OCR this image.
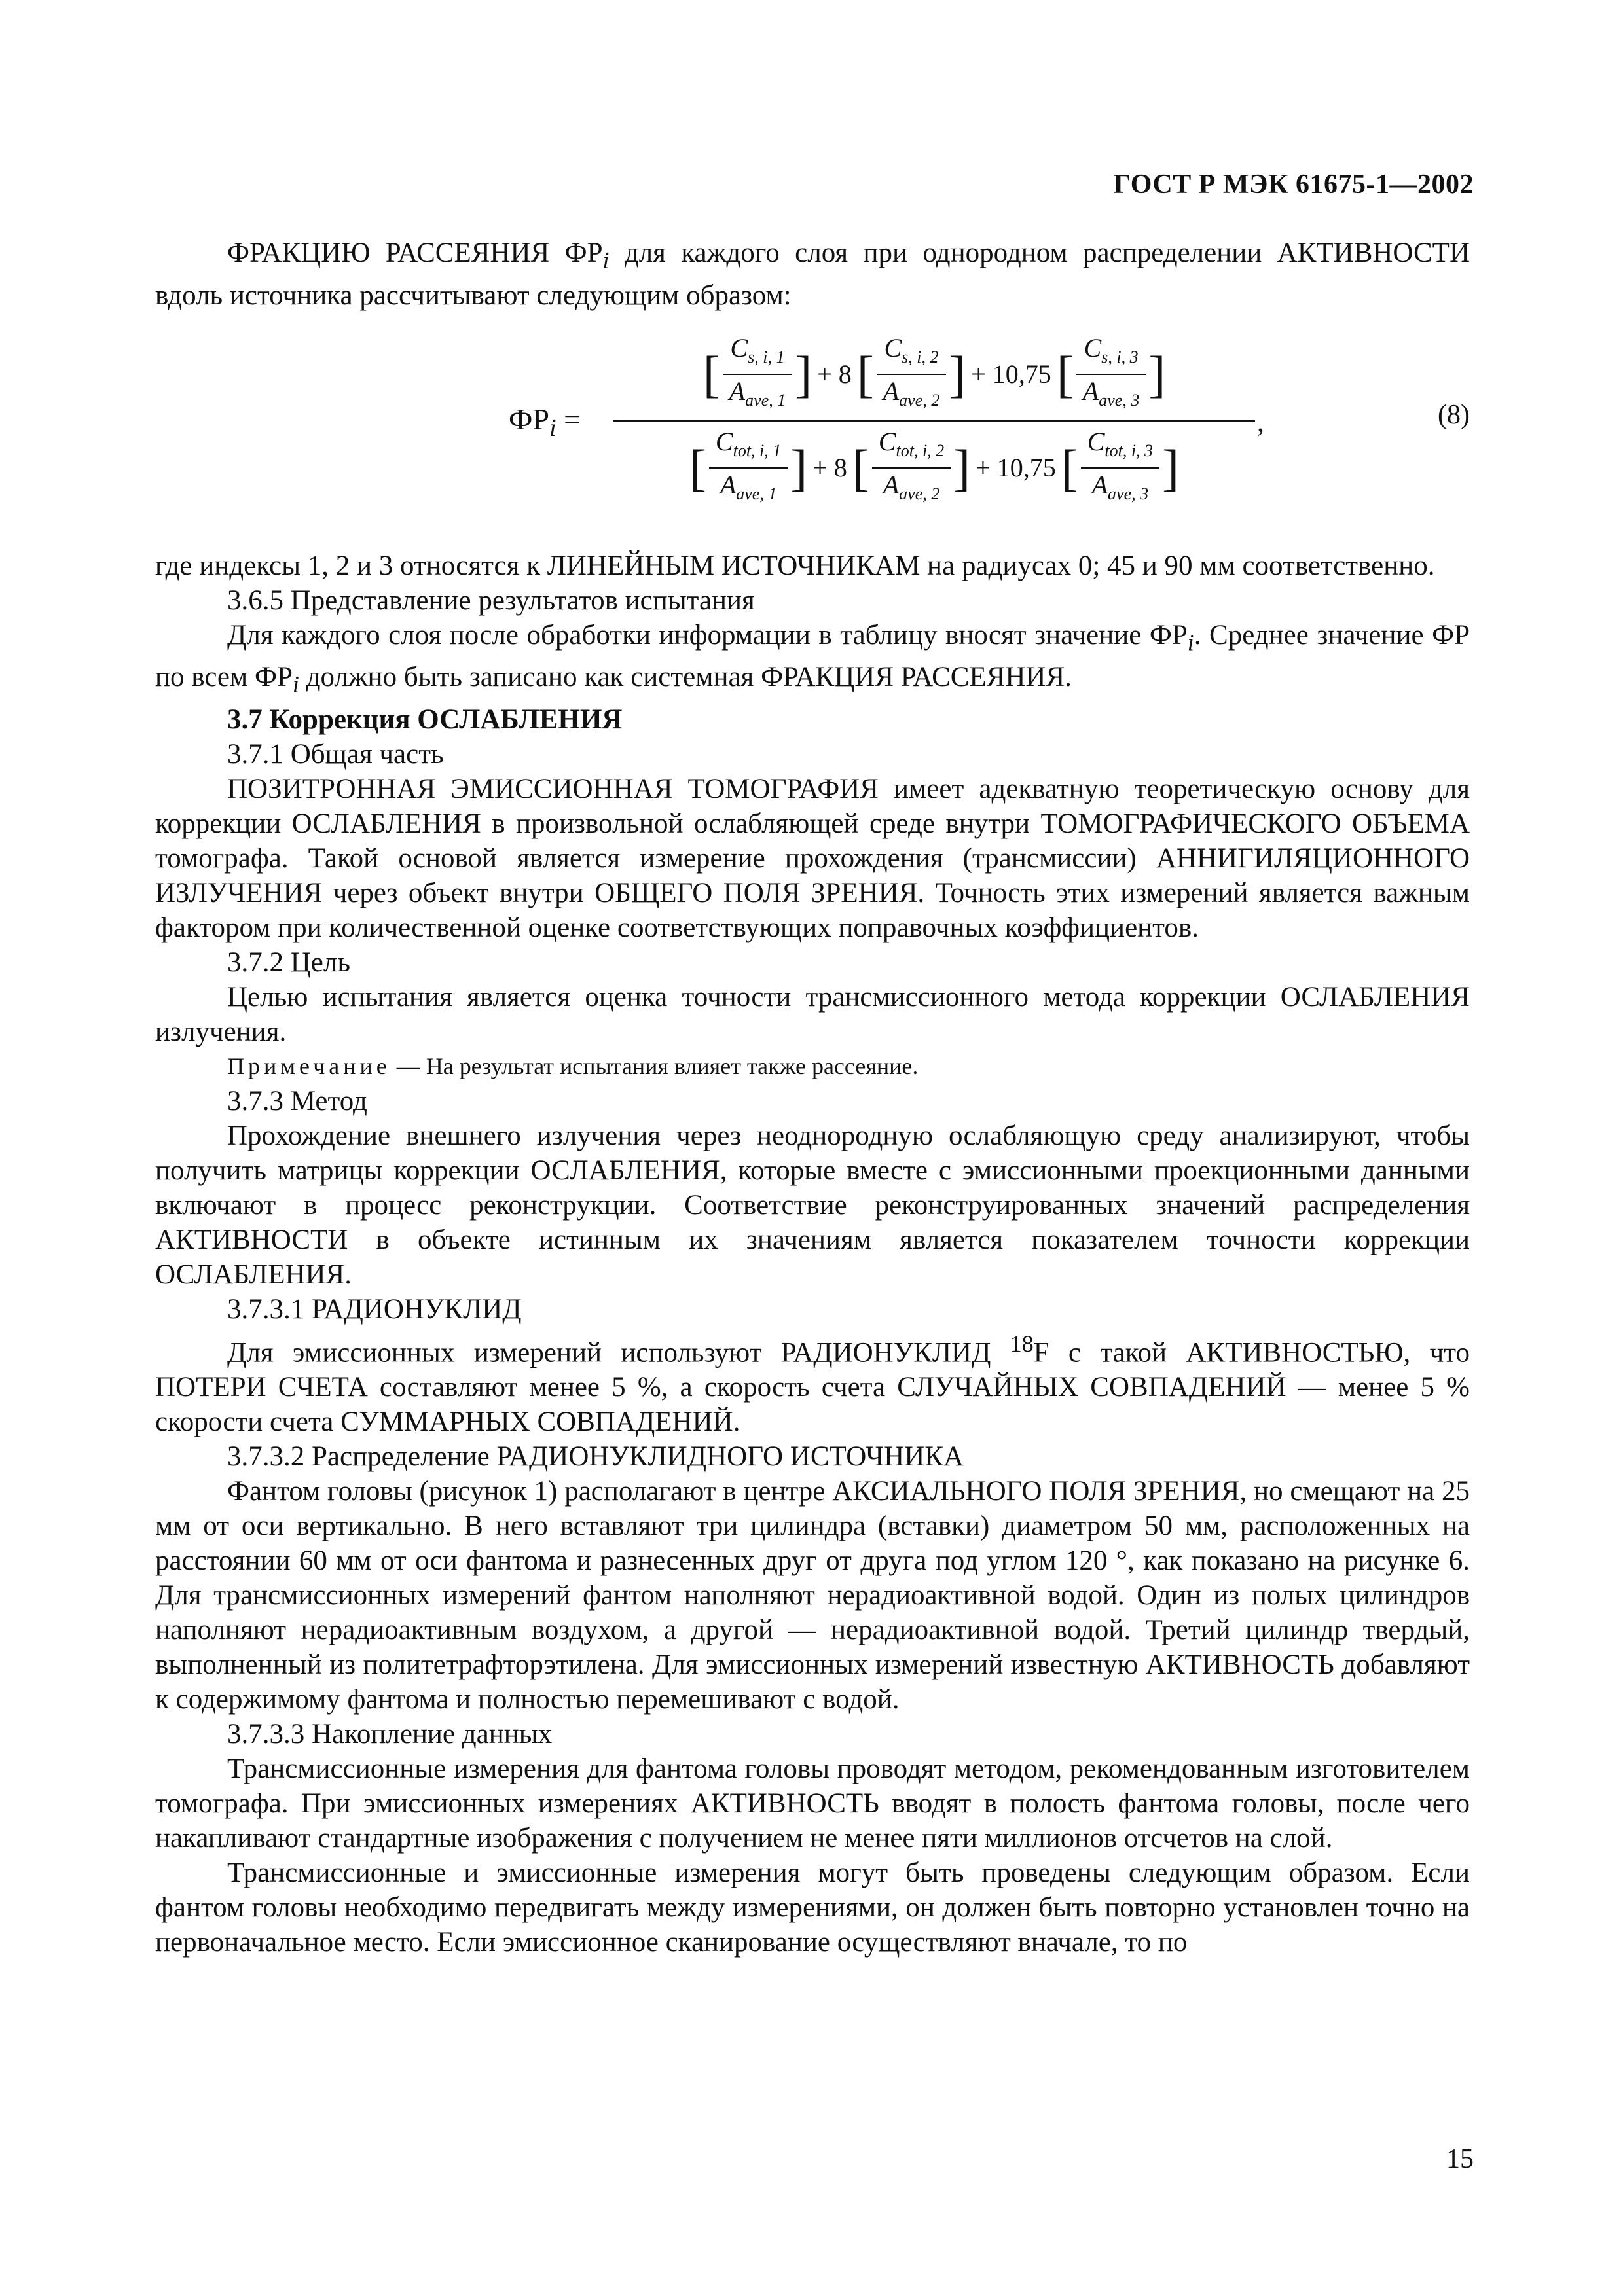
ГОСТ Р МЭК 61675-1—2002

ФРАКЦИЮ РАССЕЯНИЯ $ФР_i$ для каждого слоя при однородном распределении АКТИВНОСТИ вдоль источника рассчитывают следующим образом:

$ФР_i$ =
[ $\frac{C_{s, i, 1}}{A_{ave, 1}}$ ] + 8 [ $\frac{C_{s, i, 2}}{A_{ave, 2}}$ ] + 10,75 [ $\frac{C_{s, i, 3}}{A_{ave, 3}}$ ]
[ $\frac{C_{tot, i, 1}}{A_{ave, 1}}$ ] + 8 [ $\frac{C_{tot, i, 2}}{A_{ave, 2}}$ ] + 10,75 [ $\frac{C_{tot, i, 3}}{A_{ave, 3}}$ ]
,	(8)

где индексы 1, 2 и 3 относятся к ЛИНЕЙНЫМ ИСТОЧНИКАМ на радиусах 0; 45 и 90 мм соответственно.

3.6.5 Представление результатов испытания

Для каждого слоя после обработки информации в таблицу вносят значение $ФР_i$. Среднее значение ФР по всем $ФР_i$ должно быть записано как системная ФРАКЦИЯ РАССЕЯНИЯ.

3.7 Коррекция ОСЛАБЛЕНИЯ

3.7.1 Общая часть

ПОЗИТРОННАЯ ЭМИССИОННАЯ ТОМОГРАФИЯ имеет адекватную теоретическую основу для коррекции ОСЛАБЛЕНИЯ в произвольной ослабляющей среде внутри ТОМОГРАФИЧЕСКОГО ОБЪЕМА томографа. Такой основой является измерение прохождения (трансмиссии) АННИГИЛЯЦИОННОГО ИЗЛУЧЕНИЯ через объект внутри ОБЩЕГО ПОЛЯ ЗРЕНИЯ. Точность этих измерений является важным фактором при количественной оценке соответствующих поправочных коэффициентов.

3.7.2 Цель

Целью испытания является оценка точности трансмиссионного метода коррекции ОСЛАБЛЕНИЯ излучения.

Примечание — На результат испытания влияет также рассеяние.

3.7.3 Метод

Прохождение внешнего излучения через неоднородную ослабляющую среду анализируют, чтобы получить матрицы коррекции ОСЛАБЛЕНИЯ, которые вместе с эмиссионными проекционными данными включают в процесс реконструкции. Соответствие реконструированных значений распределения АКТИВНОСТИ в объекте истинным их значениям является показателем точности коррекции ОСЛАБЛЕНИЯ.

3.7.3.1 РАДИОНУКЛИД

Для эмиссионных измерений используют РАДИОНУКЛИД $^{18}$F с такой АКТИВНОСТЬЮ, что ПОТЕРИ СЧЕТА составляют менее 5 %, а скорость счета СЛУЧАЙНЫХ СОВПАДЕНИЙ — менее 5 % скорости счета СУММАРНЫХ СОВПАДЕНИЙ.

3.7.3.2 Распределение РАДИОНУКЛИДНОГО ИСТОЧНИКА

Фантом головы (рисунок 1) располагают в центре АКСИАЛЬНОГО ПОЛЯ ЗРЕНИЯ, но смещают на 25 мм от оси вертикально. В него вставляют три цилиндра (вставки) диаметром 50 мм, расположенных на расстоянии 60 мм от оси фантома и разнесенных друг от друга под углом 120 °, как показано на рисунке 6. Для трансмиссионных измерений фантом наполняют нерадиоактивной водой. Один из полых цилиндров наполняют нерадиоактивным воздухом, а другой — нерадиоактивной водой. Третий цилиндр твердый, выполненный из политетрафторэтилена. Для эмиссионных измерений известную АКТИВНОСТЬ добавляют к содержимому фантома и полностью перемешивают с водой.

3.7.3.3 Накопление данных

Трансмиссионные измерения для фантома головы проводят методом, рекомендованным изготовителем томографа. При эмиссионных измерениях АКТИВНОСТЬ вводят в полость фантома головы, после чего накапливают стандартные изображения с получением не менее пяти миллионов отсчетов на слой.

Трансмиссионные и эмиссионные измерения могут быть проведены следующим образом. Если фантом головы необходимо передвигать между измерениями, он должен быть повторно установлен точно на первоначальное место. Если эмиссионное сканирование осуществляют вначале, то по

15
